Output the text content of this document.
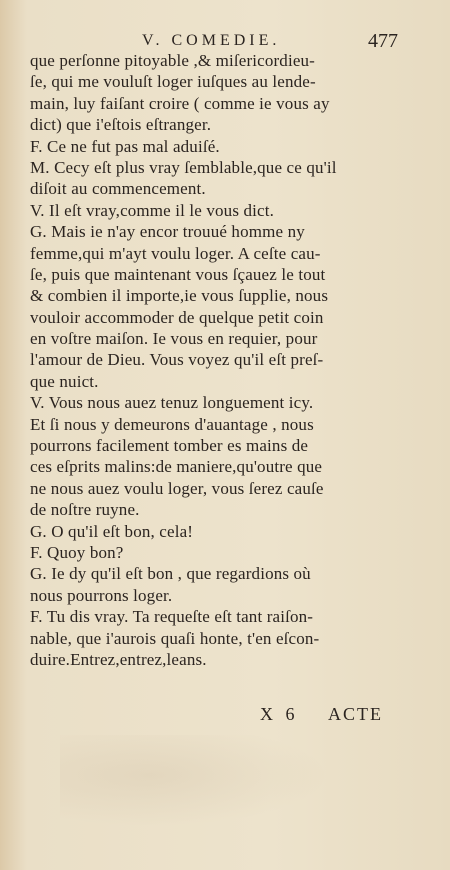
V. COMEDIE.	477
que perſonne pitoyable ,& miſericordieu-
ſe, qui me vouluſt loger iuſques au lende-
main, luy faiſant croire ( comme ie vous ay
dict) que i'eſtois eſtranger.
F. Ce ne fut pas mal aduiſé.
M. Cecy eſt plus vray ſemblable,que ce qu'il
diſoit au commencement.
V. Il eſt vray,comme il le vous dict.
G. Mais ie n'ay encor trouué homme ny
femme,qui m'ayt voulu loger. A ceſte cau-
ſe, puis que maintenant vous ſçauez le tout
& combien il importe,ie vous ſupplie, nous
vouloir accommoder de quelque petit coin
en voſtre maiſon. Ie vous en requier, pour
l'amour de Dieu. Vous voyez qu'il eſt preſ-
que nuict.
V. Vous nous auez tenuz longuement icy.
Et ſi nous y demeurons d'auantage , nous
pourrons facilement tomber es mains de
ces eſprits malins:de maniere,qu'outre que
ne nous auez voulu loger, vous ſerez cauſe
de noſtre ruyne.
G. O qu'il eſt bon, cela!
F. Quoy bon?
G. Ie dy qu'il eſt bon , que regardions où
nous pourrons loger.
F. Tu dis vray. Ta requeſte eſt tant raiſon-
nable, que i'aurois quaſi honte, t'en eſcon-
duire.Entrez,entrez,leans.
X 6 ACTE
